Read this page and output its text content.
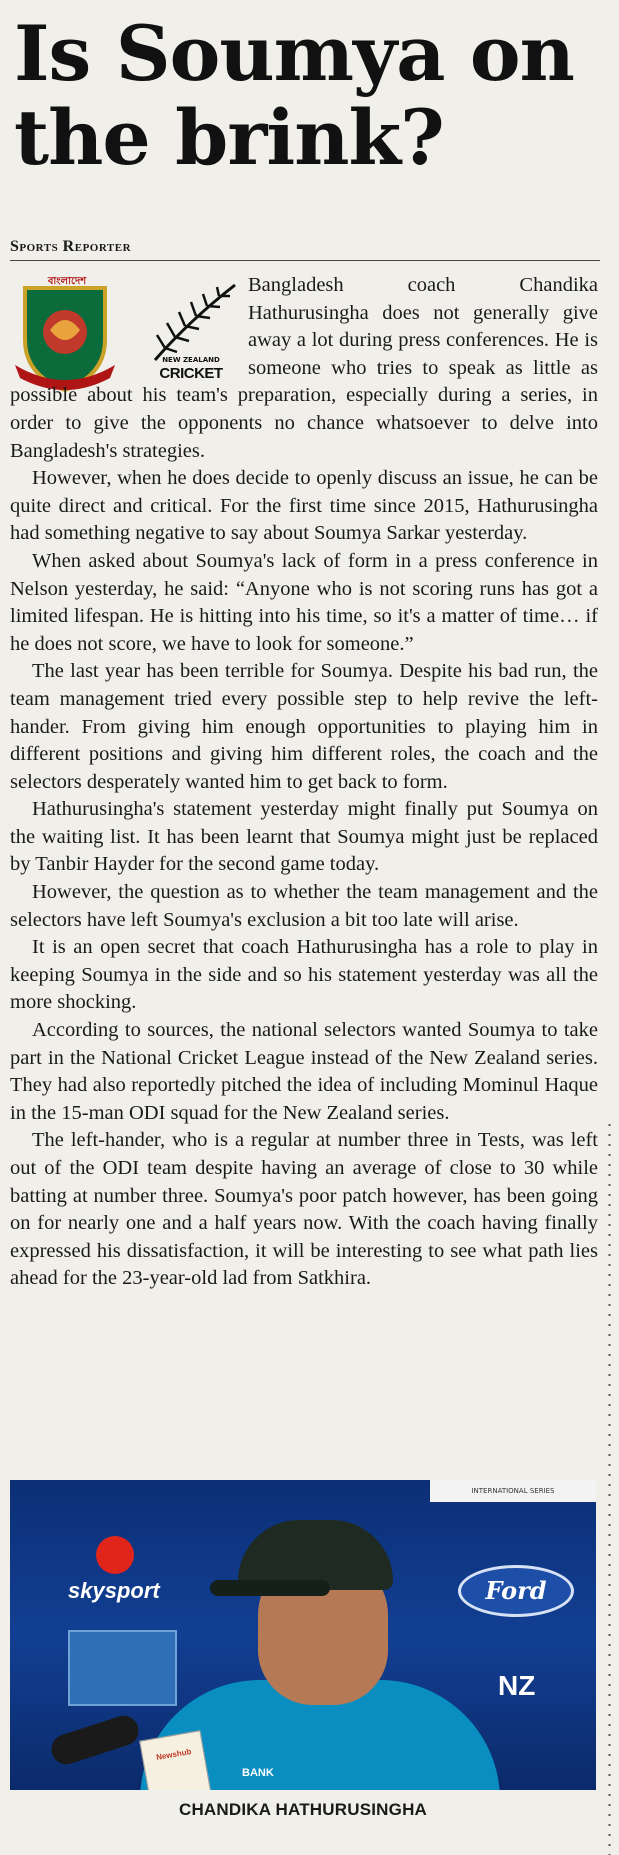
Is Soumya on the brink?
Sports Reporter
বাংলাদেশ
NEW ZEALAND
CRICKET

Bangladesh coach Chandika Hathurusingha does not generally give away a lot during press conferences. He is someone who tries to speak as little as possible about his team's preparation, especially during a series, in order to give the opponents no chance whatsoever to delve into Bangladesh's strategies.

However, when he does decide to openly discuss an issue, he can be quite direct and critical. For the first time since 2015, Hathurusingha had something negative to say about Soumya Sarkar yesterday.

When asked about Soumya's lack of form in a press conference in Nelson yesterday, he said: “Anyone who is not scoring runs has got a limited lifespan. He is hitting into his time, so it's a matter of time… if he does not score, we have to look for someone.”

The last year has been terrible for Soumya. Despite his bad run, the team management tried every possible step to help revive the left-hander. From giving him enough opportunities to playing him in different positions and giving him different roles, the coach and the selectors desperately wanted him to get back to form.

Hathurusingha's statement yesterday might finally put Soumya on the waiting list. It has been learnt that Soumya might just be replaced by Tanbir Hayder for the second game today.

However, the question as to whether the team management and the selectors have left Soumya's exclusion a bit too late will arise.

It is an open secret that coach Hathurusingha has a role to play in keeping Soumya in the side and so his statement yesterday was all the more shocking.

According to sources, the national selectors wanted Soumya to take part in the National Cricket League instead of the New Zealand series. They had also reportedly pitched the idea of including Mominul Haque in the 15-man ODI squad for the New Zealand series.

The left-hander, who is a regular at number three in Tests, was left out of the ODI team despite having an average of close to 30 while batting at number three. Soumya's poor patch however, has been going on for nearly one and a half years now. With the coach having finally expressed his dissatisfaction, it will be interesting to see what path lies ahead for the 23-year-old lad from Satkhira.

INTERNATIONAL SERIES
skysport	Ford
NZ
BANK
Newshub
CHANDIKA HATHURUSINGHA
